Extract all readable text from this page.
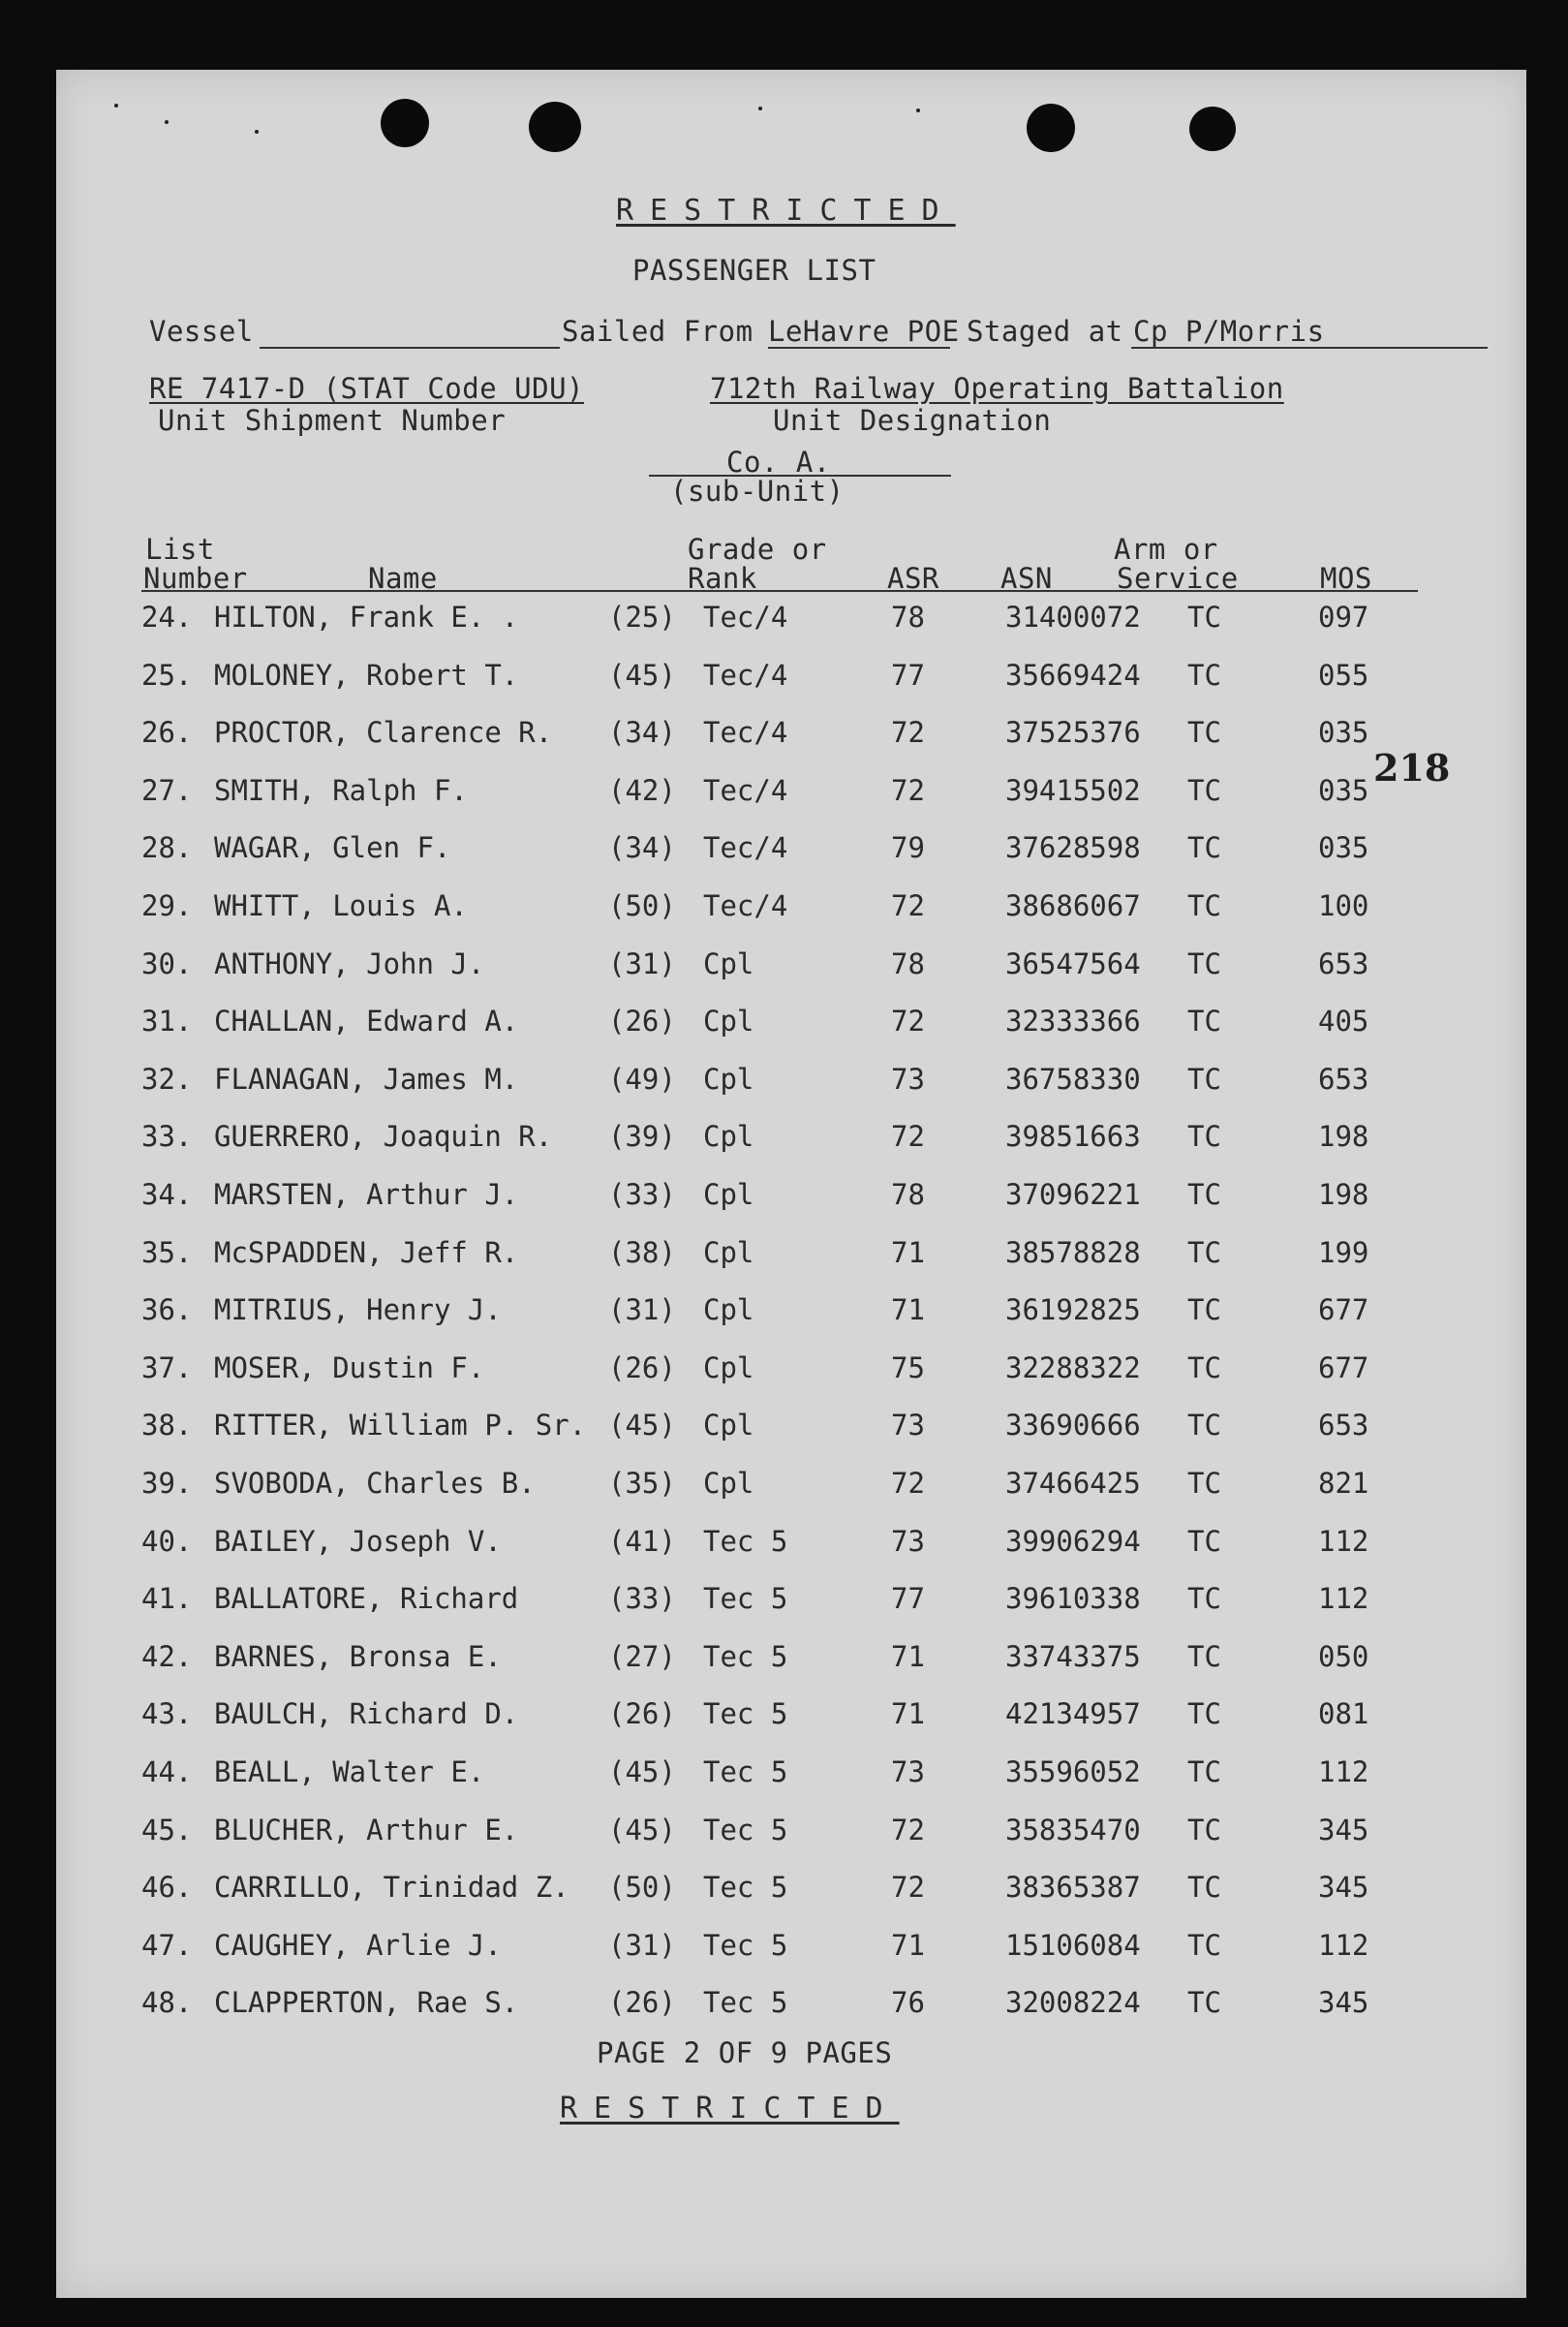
RESTRICTED
PASSENGER LIST
Vessel	Sailed From LeHavre POE Staged at Cp P/Morris
RE 7417-D (STAT Code UDU)
Unit Shipment Number
712th Railway Operating Battalion
Unit Designation
Co. A.
(sub-Unit)
218
List
Number	Name
Grade or
Rank	ASR ASN
Arm or
Service	MOS
24. HILTON, Frank E. .	(25) Tec/4	78	31400072 TC	097
25. MOLONEY, Robert T.	(45) Tec/4	77	35669424 TC	055
26. PROCTOR, Clarence R. (34) Tec/4	72	37525376 TC	035
27. SMITH, Ralph F.	(42) Tec/4	72	39415502 TC	035
28. WAGAR, Glen F.	(34) Tec/4	79	37628598 TC	035
29. WHITT, Louis A.	(50) Tec/4	72	38686067 TC	100
30. ANTHONY, John J.	(31) Cpl	78	36547564 TC	653
31. CHALLAN, Edward A.	(26) Cpl	72	32333366 TC	405
32. FLANAGAN, James M.	(49) Cpl	73	36758330 TC	653
33. GUERRERO, Joaquin R. (39) Cpl	72	39851663 TC	198
34. MARSTEN, Arthur J.	(33) Cpl	78	37096221 TC	198
35. McSPADDEN, Jeff R.	(38) Cpl	71	38578828 TC	199
36. MITRIUS, Henry J.	(31) Cpl	71	36192825 TC	677
37. MOSER, Dustin F.	(26) Cpl	75	32288322 TC	677
38. RITTER, William P. Sr. (45) Cpl	73	33690666 TC	653
39. SVOBODA, Charles B.	(35) Cpl	72	37466425 TC	821
40. BAILEY, Joseph V.	(41) Tec 5	73	39906294 TC	112
41. BALLATORE, Richard	(33) Tec 5	77	39610338 TC	112
42. BARNES, Bronsa E.	(27) Tec 5	71	33743375 TC	050
43. BAULCH, Richard D.	(26) Tec 5	71	42134957 TC	081
44. BEALL, Walter E.	(45) Tec 5	73	35596052 TC	112
45. BLUCHER, Arthur E.	(45) Tec 5	72	35835470 TC	345
46. CARRILLO, Trinidad Z. (50) Tec 5	72	38365387 TC	345
47. CAUGHEY, Arlie J.	(31) Tec 5	71	15106084 TC	112
48. CLAPPERTON, Rae S.	(26) Tec 5	76	32008224 TC	345
PAGE 2 OF 9 PAGES
RESTRICTED
